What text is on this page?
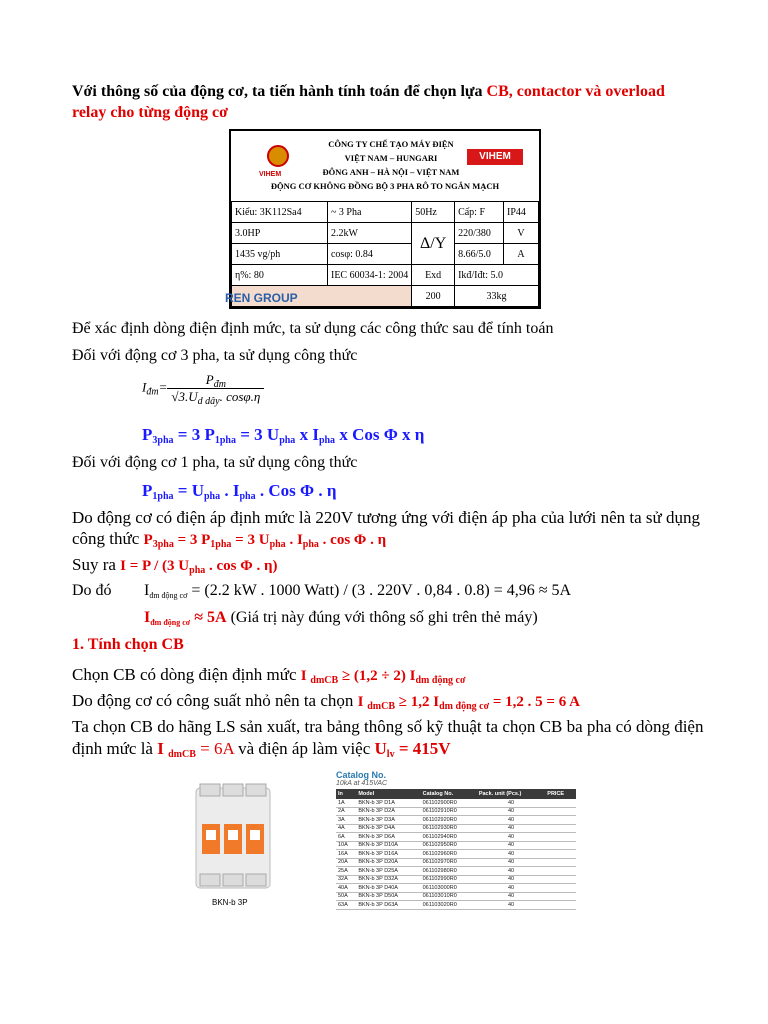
Với thông số của động cơ, ta tiến hành tính toán để chọn lựa CB, contactor và overload
relay cho từng động cơ
VIHEM
CÔNG TY CHẾ TẠO MÁY ĐIỆN
VIỆT NAM – HUNGARI
ĐÔNG ANH – HÀ NỘI – VIỆT NAM
VIHEM
ĐỘNG CƠ KHÔNG ĐỒNG BỘ 3 PHA RÔ TO NGẮN MẠCH
Kiểu: 3K112Sa4	~ 3 Pha	50Hz	Cấp: F	IP44
3.0HP	2.2kW	Δ/Y	220/380	V
1435 vg/ph	cosφ: 0.84		8.66/5.0	A
η%: 80	IEC 60034-1: 2004	Exd	Ikđ/Iđt: 5.0	
		200	33kg	
REN GROUP
Để xác định dòng điện định mức, ta sử dụng các công thức sau để tính toán
Đối với động cơ 3 pha, ta sử dụng công thức
$I_{đm}= \frac{P_{đm}}{√3.U_{d dây}. \cos\varphi.\eta}$
$P_{3pha} = 3$ $P_{1pha} = 3$ $U_{pha}$ x $I_{pha}$ x Cos Φ x η
Đối với động cơ 1 pha, ta sử dụng công thức
$P_{1pha} = U_{pha}$ . $I_{pha}$ . Cos Φ . η
Do động cơ có điện áp định mức là 220V tương ứng với điện áp pha của lưới nên ta sử dụng
công thức $P_{3pha} = 3$ $P_{1pha} = 3$ $U_{pha}$ . $I_{pha}$ . cos Φ . η
Suy ra I = P / (3 $U_{pha}$ . cos Φ . η)
Do đó $I_{đm động cơ} = (2.2$ kW . 1000 Watt) / (3 . 220V . 0,84 . 0.8) = 4,96 ≈ 5A
$I_{đm động cơ} \approx 5A$ (Giá trị này đúng với thông số ghi trên thẻ máy)
1. Tính chọn CB
Chọn CB có dòng điện định mức I $_{dmCB}$ ≥ (1,2 ÷ 2) $I_{dm động cơ}$
Do động cơ có công suất nhỏ nên ta chọn I $_{dmCB}$ ≥ 1,2 $I_{dm động cơ} = 1,2$ . 5 = 6 A
Ta chọn CB do hãng LS sản xuất, tra bảng thông số kỹ thuật ta chọn CB ba pha có dòng điện
định mức là I $_{dmCB}$ = 6A và điện áp làm việc $U_{lv} = 415V$
BKN-b 3P
Catalog No.
10kA at 415VAC
In	Model	Catalog No.	Pack. unit (Pcs.)	PRICE
1A	BKN-b 3P D1A	061102900R0	40	
2A	BKN-b 3P D2A	061102910R0	40	
3A	BKN-b 3P D3A	061102920R0	40	
4A	BKN-b 3P D4A	061102930R0	40	
6A	BKN-b 3P D6A	061102940R0	40	
10A	BKN-b 3P D10A	061102950R0	40	
16A	BKN-b 3P D16A	061102960R0	40	
20A	BKN-b 3P D20A	061102970R0	40	
25A	BKN-b 3P D25A	061102980R0	40	
32A	BKN-b 3P D32A	061102990R0	40	
40A	BKN-b 3P D40A	061103000R0	40	
50A	BKN-b 3P D50A	061103010R0	40	
63A	BKN-b 3P D63A	061103020R0	40	
